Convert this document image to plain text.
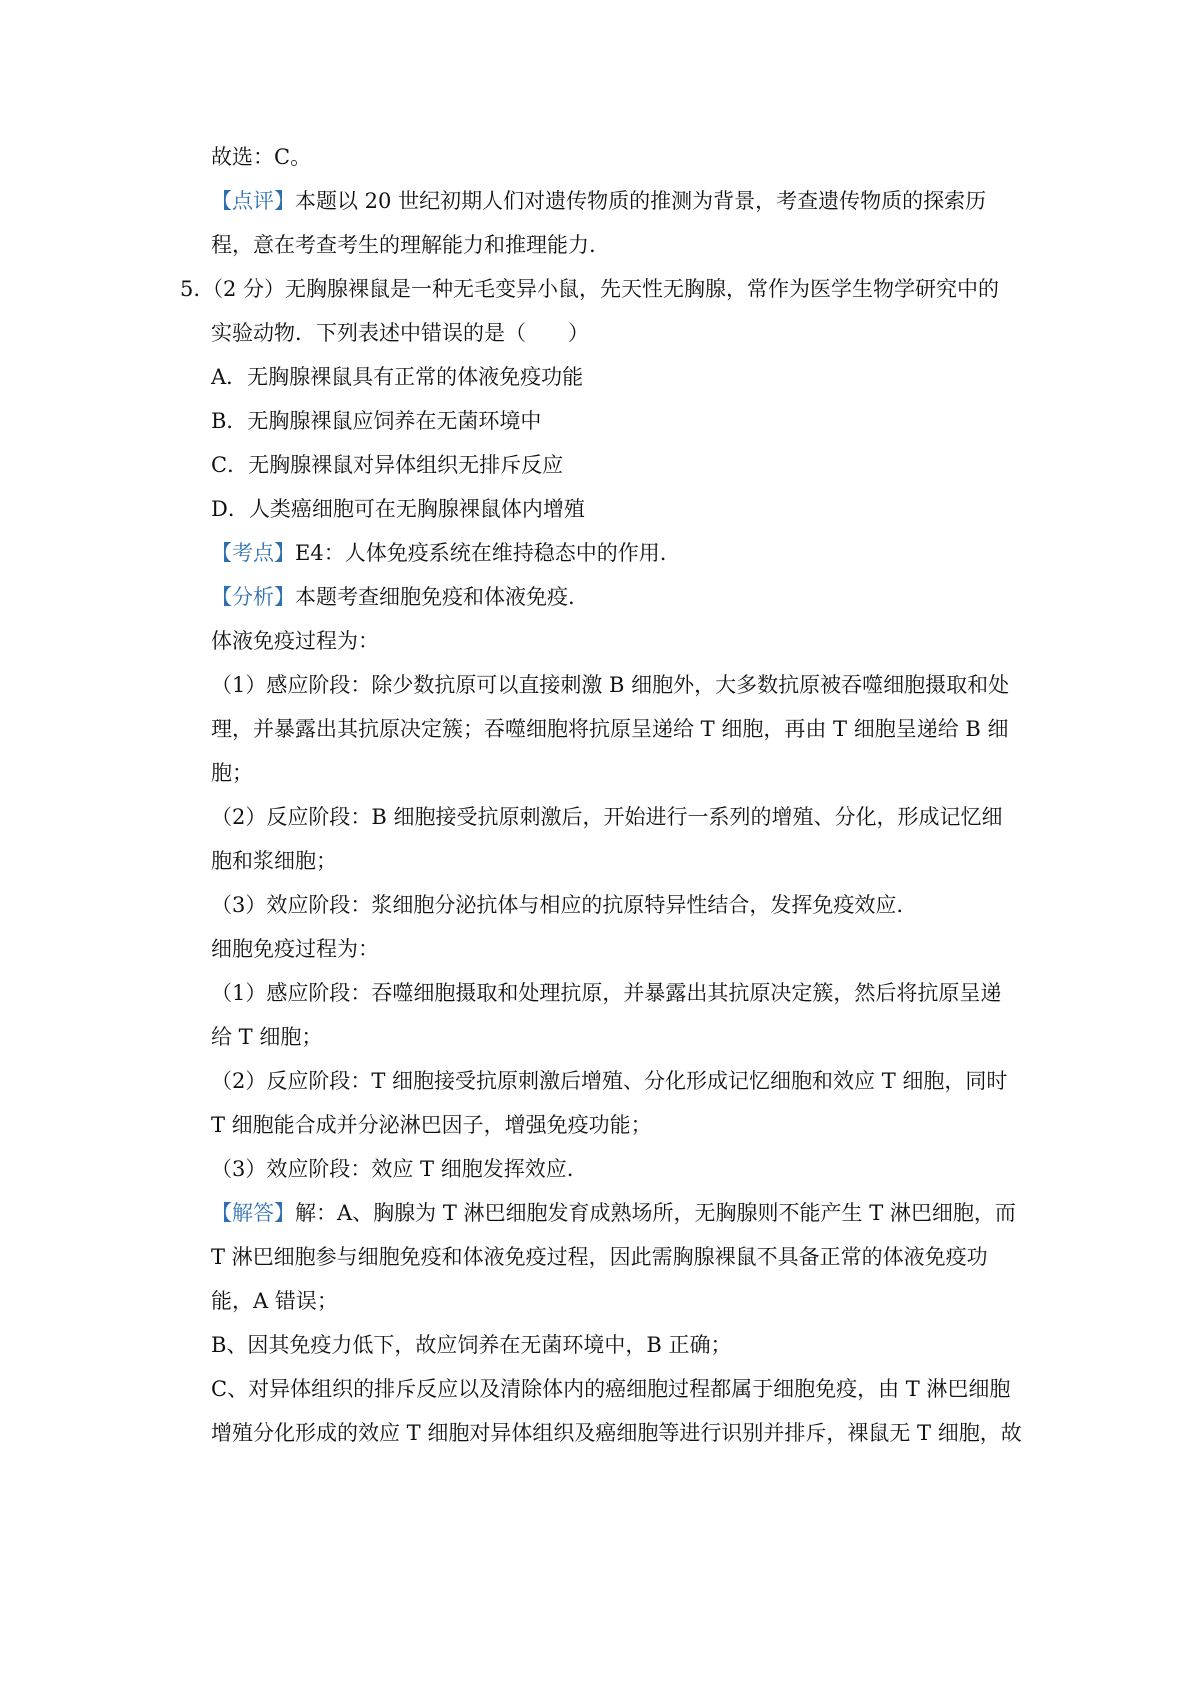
故选：C。
【点评】本题以 20 世纪初期人们对遗传物质的推测为背景，考查遗传物质的探索历
程，意在考查考生的理解能力和推理能力.
5. （2 分）无胸腺裸鼠是一种无毛变异小鼠，先天性无胸腺，常作为医学生物学研究中的
实验动物．下列表述中错误的是（　　）
A．无胸腺裸鼠具有正常的体液免疫功能
B．无胸腺裸鼠应饲养在无菌环境中
C．无胸腺裸鼠对异体组织无排斥反应
D．人类癌细胞可在无胸腺裸鼠体内增殖
【考点】E4：人体免疫系统在维持稳态中的作用.
【分析】本题考查细胞免疫和体液免疫.
体液免疫过程为：
（1）感应阶段：除少数抗原可以直接刺激 B 细胞外，大多数抗原被吞噬细胞摄取和处
理，并暴露出其抗原决定簇；吞噬细胞将抗原呈递给 T 细胞，再由 T 细胞呈递给 B 细
胞；
（2）反应阶段：B 细胞接受抗原刺激后，开始进行一系列的增殖、分化，形成记忆细
胞和浆细胞；
（3）效应阶段：浆细胞分泌抗体与相应的抗原特异性结合，发挥免疫效应.
细胞免疫过程为：
（1）感应阶段：吞噬细胞摄取和处理抗原，并暴露出其抗原决定簇，然后将抗原呈递
给 T 细胞；
（2）反应阶段：T 细胞接受抗原刺激后增殖、分化形成记忆细胞和效应 T 细胞，同时
T 细胞能合成并分泌淋巴因子，增强免疫功能；
（3）效应阶段：效应 T 细胞发挥效应.
【解答】解：A、胸腺为 T 淋巴细胞发育成熟场所，无胸腺则不能产生 T 淋巴细胞，而
T 淋巴细胞参与细胞免疫和体液免疫过程，因此需胸腺裸鼠不具备正常的体液免疫功
能，A 错误；
B、因其免疫力低下，故应饲养在无菌环境中，B 正确；
C、对异体组织的排斥反应以及清除体内的癌细胞过程都属于细胞免疫，由 T 淋巴细胞
增殖分化形成的效应 T 细胞对异体组织及癌细胞等进行识别并排斥，裸鼠无 T 细胞，故
